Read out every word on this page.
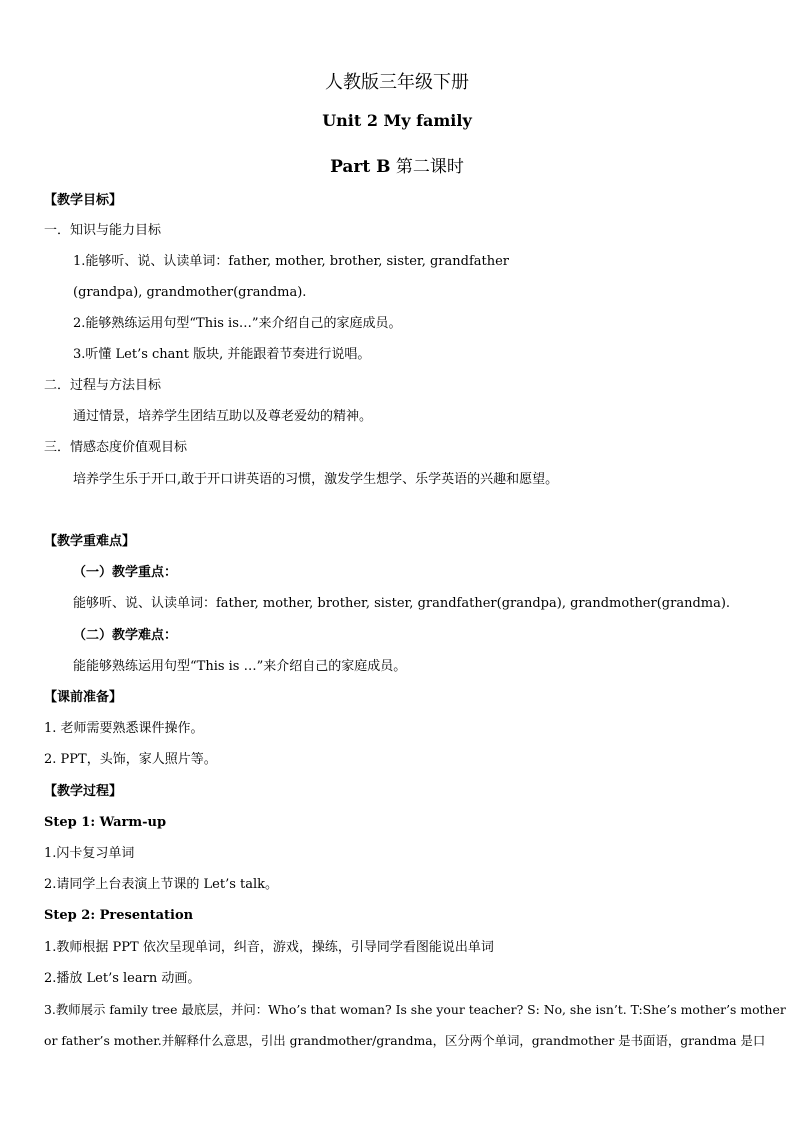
人教版三年级下册
Unit 2 My family
Part B 第二课时
【教学目标】
一．知识与能力目标
1.能够听、说、认读单词：father, mother, brother, sister, grandfather
(grandpa), grandmother(grandma).
2.能够熟练运用句型“This is…”来介绍自己的家庭成员。
3.听懂 Let’s chant 版块, 并能跟着节奏进行说唱。
二．过程与方法目标
通过情景，培养学生团结互助以及尊老爱幼的精神。
三．情感态度价值观目标
培养学生乐于开口,敢于开口讲英语的习惯，激发学生想学、乐学英语的兴趣和愿望。
【教学重难点】
（一）教学重点：
能够听、说、认读单词：father, mother, brother, sister, grandfather(grandpa), grandmother(grandma).
（二）教学难点：
能能够熟练运用句型“This is …”来介绍自己的家庭成员。
【课前准备】
1. 老师需要熟悉课件操作。
2. PPT，头饰，家人照片等。
【教学过程】
Step 1: Warm-up
1.闪卡复习单词
2.请同学上台表演上节课的 Let’s talk。
Step 2: Presentation
1.教师根据 PPT 依次呈现单词，纠音，游戏，操练，引导同学看图能说出单词
2.播放 Let’s learn 动画。
3.教师展示 family tree 最底层，并问：Who’s that woman? Is she your teacher? S: No, she isn’t. T:She’s mother’s mother
or father’s mother.并解释什么意思，引出 grandmother/grandma，区分两个单词，grandmother 是书面语，grandma 是口
